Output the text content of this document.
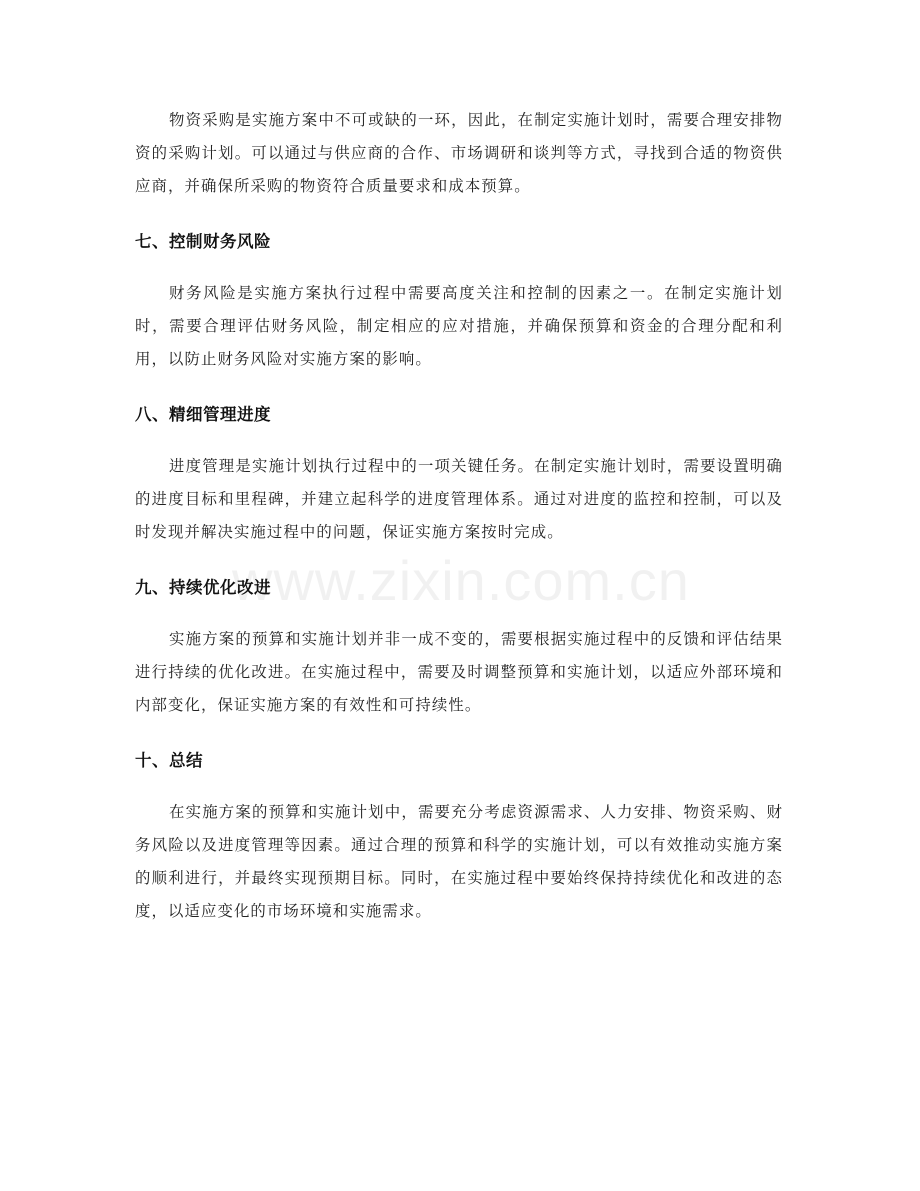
物资采购是实施方案中不可或缺的一环，因此，在制定实施计划时，需要合理安排物资的采购计划。可以通过与供应商的合作、市场调研和谈判等方式，寻找到合适的物资供应商，并确保所采购的物资符合质量要求和成本预算。

七、控制财务风险

财务风险是实施方案执行过程中需要高度关注和控制的因素之一。在制定实施计划时，需要合理评估财务风险，制定相应的应对措施，并确保预算和资金的合理分配和利用，以防止财务风险对实施方案的影响。

八、精细管理进度

进度管理是实施计划执行过程中的一项关键任务。在制定实施计划时，需要设置明确的进度目标和里程碑，并建立起科学的进度管理体系。通过对进度的监控和控制，可以及时发现并解决实施过程中的问题，保证实施方案按时完成。

九、持续优化改进

实施方案的预算和实施计划并非一成不变的，需要根据实施过程中的反馈和评估结果进行持续的优化改进。在实施过程中，需要及时调整预算和实施计划，以适应外部环境和内部变化，保证实施方案的有效性和可持续性。

十、总结

在实施方案的预算和实施计划中，需要充分考虑资源需求、人力安排、物资采购、财务风险以及进度管理等因素。通过合理的预算和科学的实施计划，可以有效推动实施方案的顺利进行，并最终实现预期目标。同时，在实施过程中要始终保持持续优化和改进的态度，以适应变化的市场环境和实施需求。

www.zixin.com.cn
